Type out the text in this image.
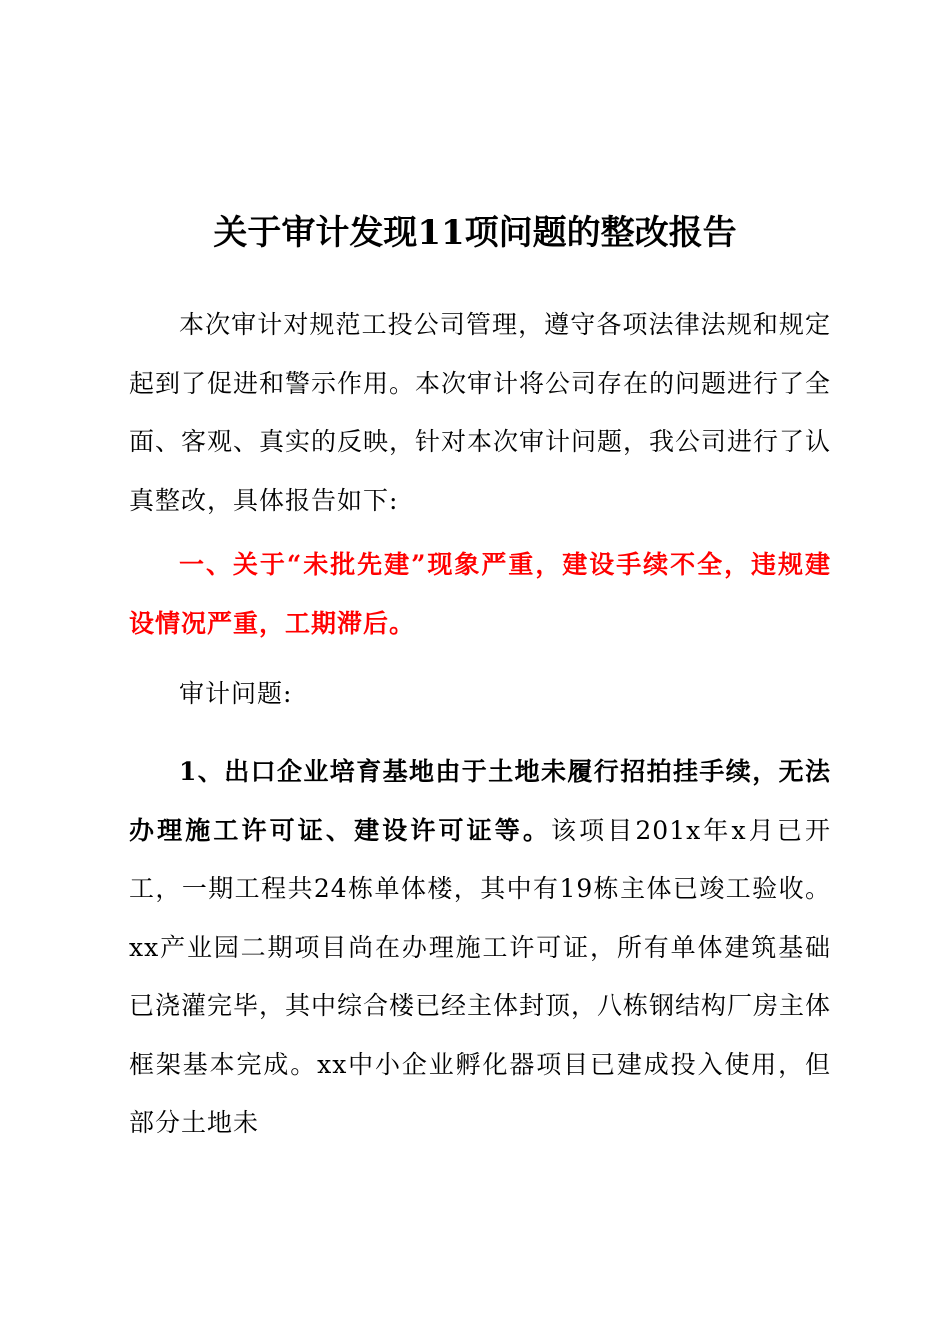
关于审计发现11项问题的整改报告
本次审计对规范工投公司管理，遵守各项法律法规和规定起到了促进和警示作用。本次审计将公司存在的问题进行了全面、客观、真实的反映，针对本次审计问题，我公司进行了认真整改，具体报告如下:
一、关于“未批先建”现象严重，建设手续不全，违规建设情况严重，工期滞后。
审计问题:
1、出口企业培育基地由于土地未履行招拍挂手续，无法办理施工许可证、建设许可证等。该项目201x年x月已开工，一期工程共24栋单体楼，其中有19栋主体已竣工验收。xx产业园二期项目尚在办理施工许可证，所有单体建筑基础已浇灌完毕，其中综合楼已经主体封顶，八栋钢结构厂房主体框架基本完成。xx中小企业孵化器项目已建成投入使用，但部分土地未
